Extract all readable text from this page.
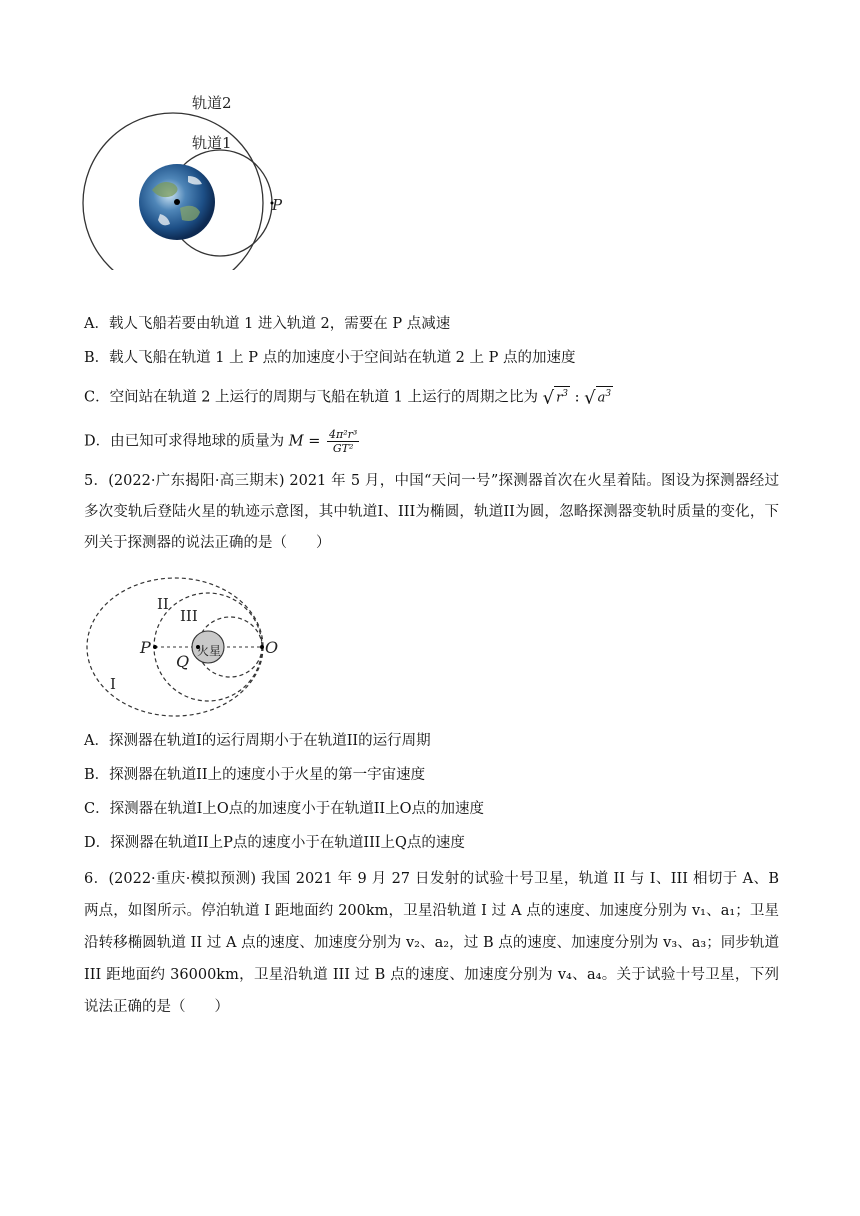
轨道2
轨道1
P
A．载人飞船若要由轨道 1 进入轨道 2，需要在 P 点减速
B．载人飞船在轨道 1 上 P 点的加速度小于空间站在轨道 2 上 P 点的加速度
C．空间站在轨道 2 上运行的周期与飞船在轨道 1 上运行的周期之比为 √ $r^3$ : √ $a^3$
D．由已知可求得地球的质量为 $M = \frac{\text{4π²r³}}{\text{GT²}}$
5．(2022·广东揭阳·高三期末) 2021 年 5 月，中国“天问一号”探测器首次在火星着陆。图设为探测器经过多次变轨后登陆火星的轨迹示意图，其中轨道I、III为椭圆，轨道II为圆，忽略探测器变轨时质量的变化，下列关于探测器的说法正确的是（　　）
火星
II
III
I
P
Q
O
A．探测器在轨道I的运行周期小于在轨道II的运行周期
B．探测器在轨道II上的速度小于火星的第一宇宙速度
C．探测器在轨道I上O点的加速度小于在轨道II上O点的加速度
D．探测器在轨道II上P点的速度小于在轨道III上Q点的速度
6．(2022·重庆·模拟预测) 我国 2021 年 9 月 27 日发射的试验十号卫星，轨道 II 与 I、III 相切于 A、B 两点，如图所示。停泊轨道 I 距地面约 200km，卫星沿轨道 I 过 A 点的速度、加速度分别为 v₁、a₁；卫星沿转移椭圆轨道 II 过 A 点的速度、加速度分别为 v₂、a₂，过 B 点的速度、加速度分别为 v₃、a₃；同步轨道 III 距地面约 36000km，卫星沿轨道 III 过 B 点的速度、加速度分别为 v₄、a₄。关于试验十号卫星，下列说法正确的是（　　）
